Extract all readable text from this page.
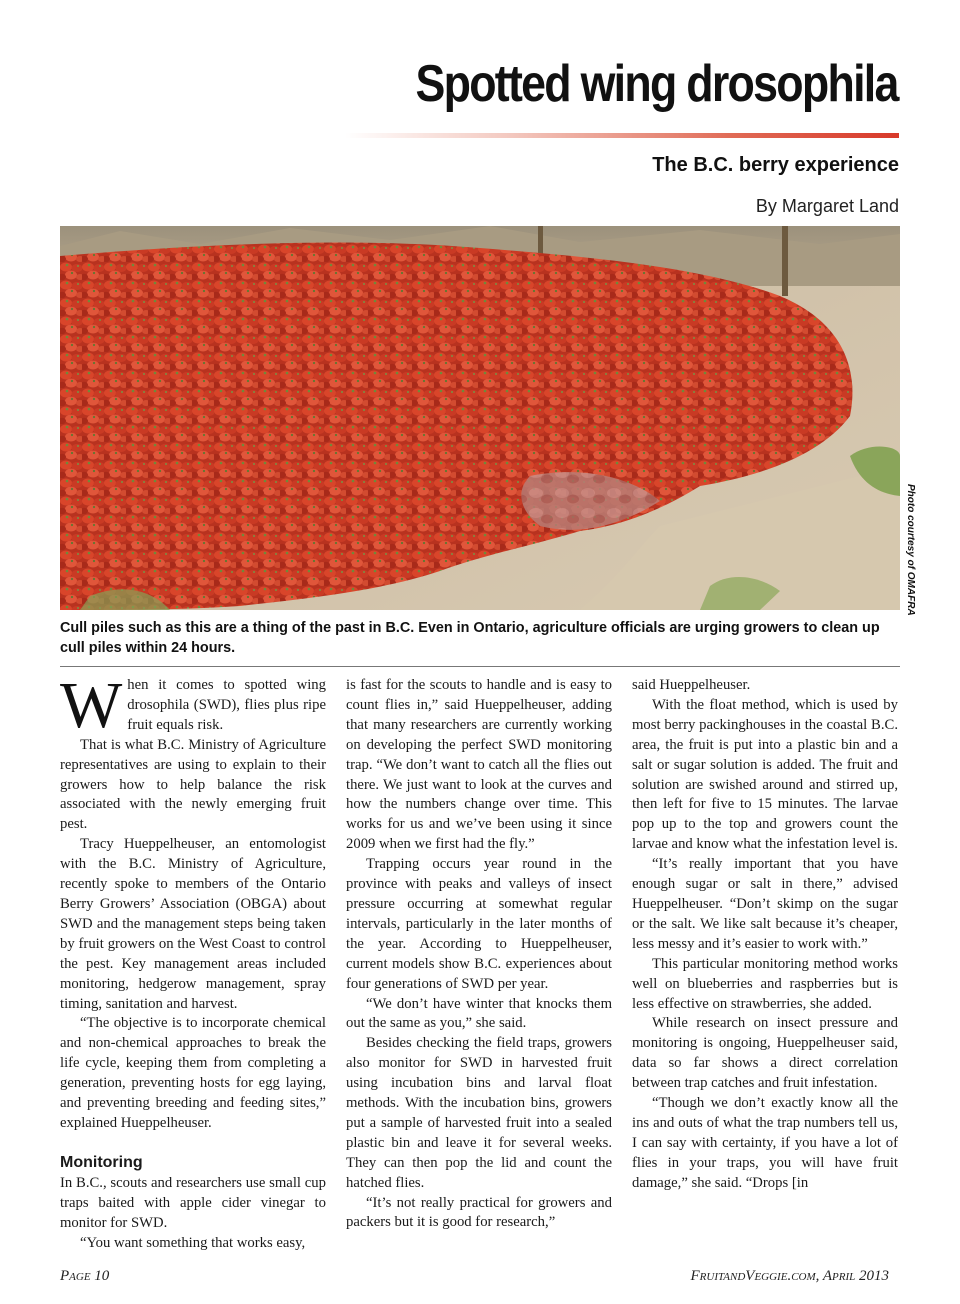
Spotted wing drosophila
The B.C. berry experience
By Margaret Land
Photo courtesy of OMAFRA
Cull piles such as this are a thing of the past in B.C. Even in Ontario, agriculture officials are urging growers to clean up cull piles within 24 hours.

When it comes to spotted wing drosophila (SWD), flies plus ripe fruit equals risk.

That is what B.C. Ministry of Agriculture representatives are using to explain to their growers how to help balance the risk associated with the newly emerging fruit pest.

Tracy Hueppelheuser, an entomologist with the B.C. Ministry of Agriculture, recently spoke to members of the Ontario Berry Growers’ Association (OBGA) about SWD and the management steps being taken by fruit growers on the West Coast to control the pest. Key management areas included monitoring, hedgerow management, spray timing, sanitation and harvest.

“The objective is to incorporate chemical and non-chemical approaches to break the life cycle, keeping them from completing a generation, preventing hosts for egg laying, and preventing breeding and feeding sites,” explained Hueppelheuser.

Monitoring

In B.C., scouts and researchers use small cup traps baited with apple cider vinegar to monitor for SWD.

“You want something that works easy,

is fast for the scouts to handle and is easy to count flies in,” said Hueppelheuser, adding that many researchers are currently working on developing the perfect SWD monitoring trap. “We don’t want to catch all the flies out there. We just want to look at the curves and how the numbers change over time. This works for us and we’ve been using it since 2009 when we first had the fly.”

Trapping occurs year round in the province with peaks and valleys of insect pressure occurring at somewhat regular intervals, particularly in the later months of the year. According to Hueppelheuser, current models show B.C. experiences about four generations of SWD per year.

“We don’t have winter that knocks them out the same as you,” she said.

Besides checking the field traps, growers also monitor for SWD in harvested fruit using incubation bins and larval float methods. With the incubation bins, growers put a sample of harvested fruit into a sealed plastic bin and leave it for several weeks. They can then pop the lid and count the hatched flies.

“It’s not really practical for growers and packers but it is good for research,”

said Hueppelheuser.

With the float method, which is used by most berry packinghouses in the coastal B.C. area, the fruit is put into a plastic bin and a salt or sugar solution is added. The fruit and solution are swished around and stirred up, then left for five to 15 minutes. The larvae pop up to the top and growers count the larvae and know what the infestation level is.

“It’s really important that you have enough sugar or salt in there,” advised Hueppelheuser. “Don’t skimp on the sugar or the salt. We like salt because it’s cheaper, less messy and it’s easier to work with.”

This particular monitoring method works well on blueberries and raspberries but is less effective on strawberries, she added.

While research on insect pressure and monitoring is ongoing, Hueppelheuser said, data so far shows a direct correlation between trap catches and fruit infestation.

“Though we don’t exactly know all the ins and outs of what the trap numbers tell us, I can say with certainty, if you have a lot of flies in your traps, you will have fruit damage,” she said. “Drops [in

Page 10	FruitandVeggie.com, April 2013
